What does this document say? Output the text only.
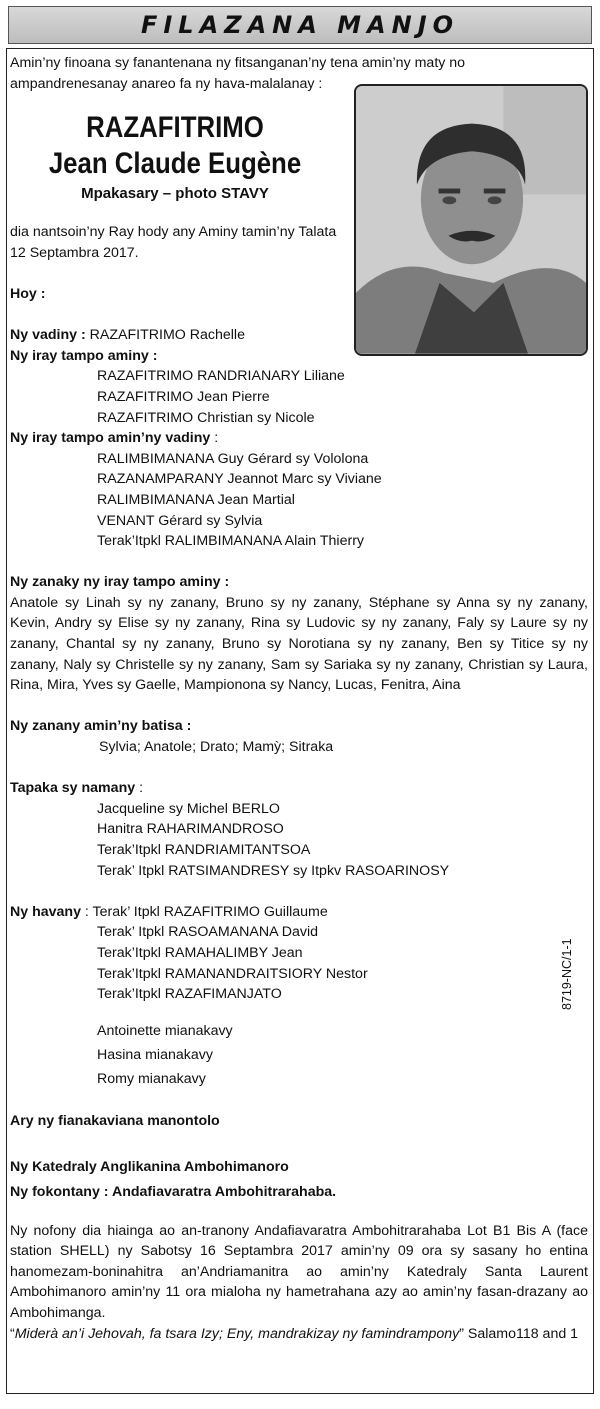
FILAZANA MANJO
Amin’ny finoana sy fanantenana ny fitsanganan’ny tena amin’ny maty no ampandrenesanay anareo fa ny hava-malalanay :
RAZAFITRIMO
Jean Claude Eugène
Mpakasary – photo STAVY
dia nantsoin’ny Ray hody any Aminy tamin’ny Talata 12 Septambra 2017.
Hoy :
Ny vadiny : RAZAFITRIMO Rachelle
Ny iray tampo aminy :
RAZAFITRIMO RANDRIANARY Liliane
RAZAFITRIMO Jean Pierre
RAZAFITRIMO Christian sy Nicole
Ny iray tampo amin’ny vadiny :
RALIMBIMANANA Guy Gérard sy Vololona
RAZANAMPARANY Jeannot Marc sy Viviane
RALIMBIMANANA Jean Martial
VENANT Gérard sy Sylvia
Terak’Itpkl RALIMBIMANANA Alain Thierry
Ny zanaky ny iray tampo aminy :
Anatole sy Linah sy ny zanany, Bruno sy ny zanany, Stéphane sy Anna sy ny zanany, Kevin, Andry sy Elise sy ny zanany, Rina sy Ludovic sy ny zanany, Faly sy Laure sy ny zanany, Chantal sy ny zanany, Bruno sy Norotiana sy ny zanany, Ben sy Titice sy ny zanany, Naly sy Christelle sy ny zanany, Sam sy Sariaka sy ny zanany, Christian sy Laura, Rina, Mira, Yves sy Gaelle, Mampionona sy Nancy, Lucas, Fenitra, Aina
Ny zanany amin’ny batisa :
Sylvia; Anatole; Drato; Mamỳ; Sitraka
Tapaka sy namany :
Jacqueline sy Michel BERLO
Hanitra RAHARIMANDROSO
Terak’Itpkl RANDRIAMITANTSOA
Terak’ Itpkl RATSIMANDRESY sy Itpkv RASOARINOSY
Ny havany : Terak’ Itpkl RAZAFITRIMO Guillaume
Terak’ Itpkl RASOAMANANA David
Terak’Itpkl RAMAHALIMBY Jean
Terak’Itpkl RAMANANDRAITSIORY Nestor
Terak’Itpkl RAZAFIMANJATO
Antoinette mianakavy
Hasina mianakavy
Romy mianakavy
Ary ny fianakaviana manontolo
Ny Katedraly Anglikanina Ambohimanoro
Ny fokontany : Andafiavaratra Ambohitrarahaba.
Ny nofony dia hiainga ao an-tranony Andafiavaratra Ambohitrarahaba Lot B1 Bis A (face station SHELL) ny Sabotsy 16 Septambra 2017 amin’ny 09 ora sy sasany ho entina hanomezam-boninahitra an’Andriamanitra ao amin’ny Katedraly Santa Laurent Ambohimanoro amin’ny 11 ora mialoha ny hametrahana azy ao amin’ny fasan-drazany ao Ambohimanga.
“Miderà an’i Jehovah, fa tsara Izy; Eny, mandrakizay ny famindrampony” Salamo118 and 1
8719-NC/1-1
